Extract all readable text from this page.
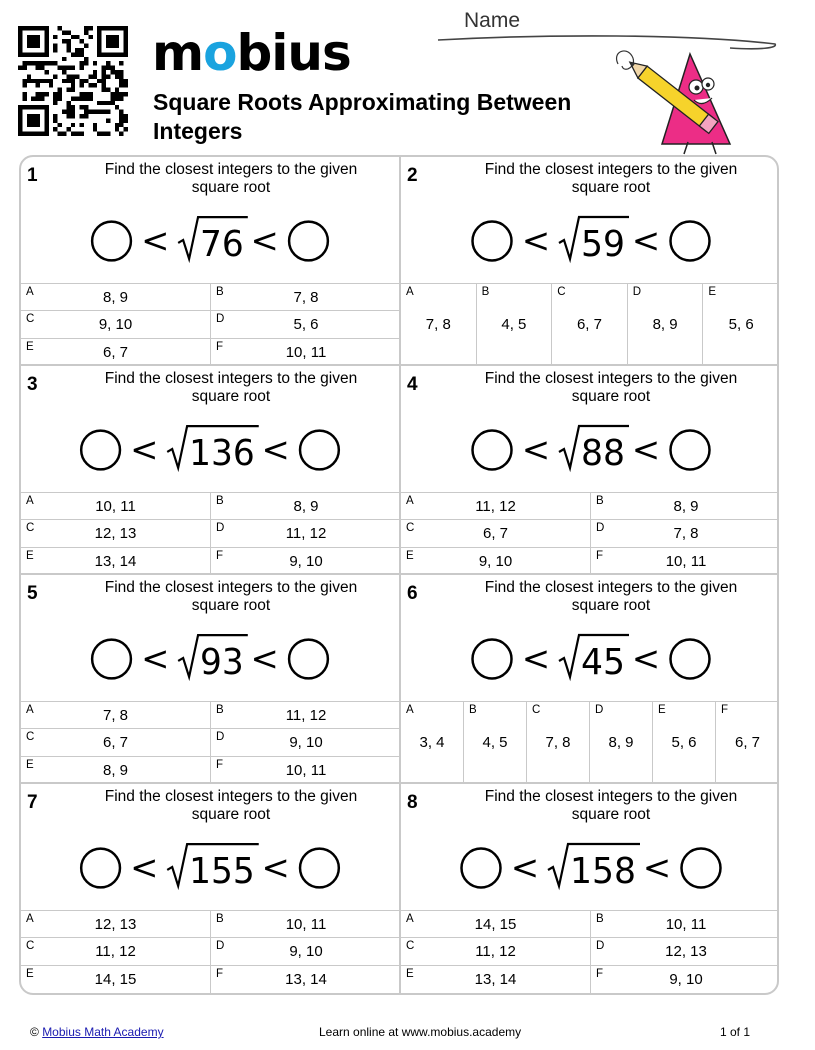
mobius
Square Roots Approximating Between Integers
Name
1	Find the closest integers to the given square root
< 76 <
A	8, 9	B	7, 8
C	9, 10	D	5, 6
E	6, 7	F	10, 11
2	Find the closest integers to the given square root
< 59 <
A
7, 8
B
4, 5
C
6, 7
D
8, 9
E
5, 6
3	Find the closest integers to the given square root
< 136 <
A	10, 11	B	8, 9
C	12, 13	D	11, 12
E	13, 14	F	9, 10
4	Find the closest integers to the given square root
< 88 <
A	11, 12	B	8, 9
C	6, 7	D	7, 8
E	9, 10	F	10, 11
5	Find the closest integers to the given square root
< 93 <
A	7, 8	B	11, 12
C	6, 7	D	9, 10
E	8, 9	F	10, 11
6	Find the closest integers to the given square root
< 45 <
A
3, 4
B
4, 5
C
7, 8
D
8, 9
E
5, 6
F
6, 7
7	Find the closest integers to the given square root
< 155 <
A	12, 13	B	10, 11
C	11, 12	D	9, 10
E	14, 15	F	13, 14
8	Find the closest integers to the given square root
< 158 <
A	14, 15	B	10, 11
C	11, 12	D	12, 13
E	13, 14	F	9, 10
© Mobius Math Academy	Learn online at www.mobius.academy	1 of 1
